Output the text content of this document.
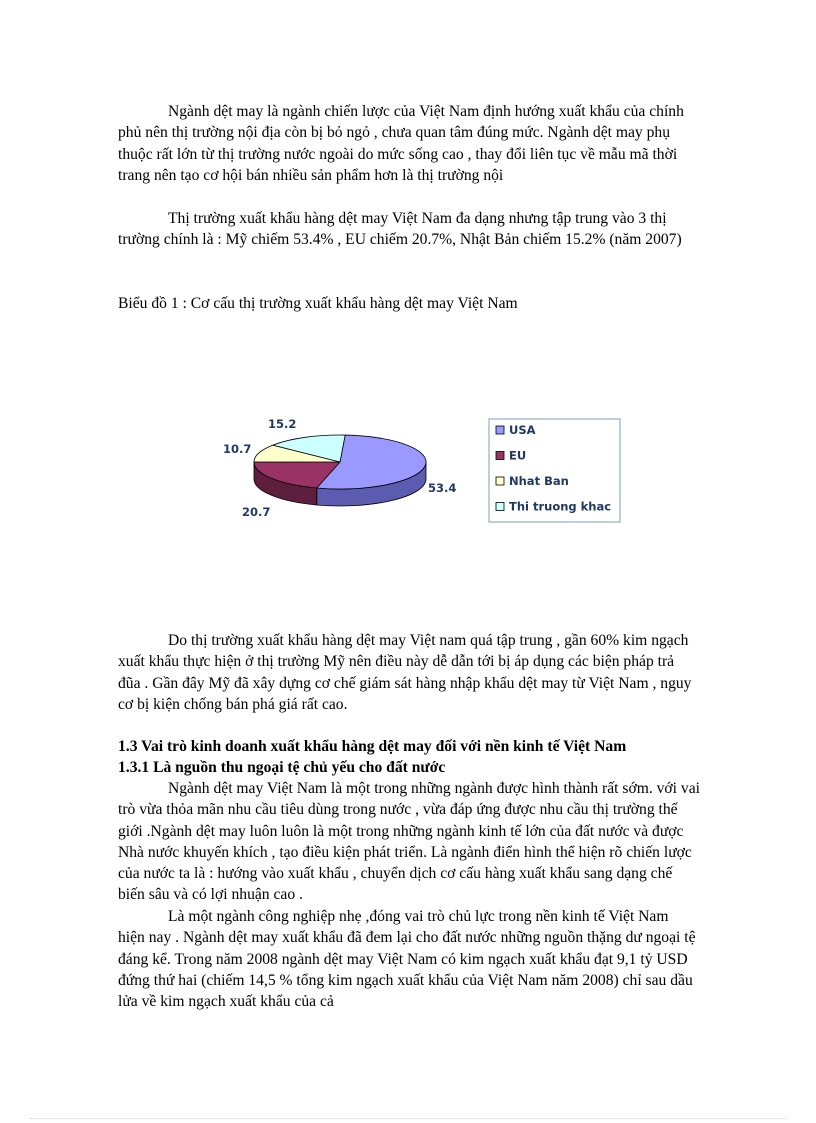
Ngành dệt may là ngành chiến lược của Việt Nam định hướng xuất khẩu của chính phủ nên thị trường nội địa còn bị bỏ ngỏ , chưa quan tâm đúng mức. Ngành dệt may phụ thuộc rất lớn từ thị trường nước ngoài do mức sống cao , thay đổi liên tục về mẫu mã thời trang nên tạo cơ hội bán nhiều sản phẩm hơn là thị trường nội

Thị trường xuất khẩu hàng dệt may Việt Nam đa dạng nhưng tập trung vào 3 thị trường chính là : Mỹ chiếm 53.4% , EU chiếm 20.7%, Nhật Bản chiếm 15.2% (năm 2007)

Biểu đồ 1 : Cơ cấu thị trường xuất khẩu hàng dệt may Việt Nam

53.4
20.7
10.7
15.2	USA
EU
Nhat Ban
Thi truong khac

Do thị trường xuất khẩu hàng dệt may Việt nam quá tập trung , gần 60% kim ngạch xuất khẩu thực hiện ở thị trường Mỹ nên điều này dễ dẫn tới bị áp dụng các biện pháp trả đũa . Gần đây Mỹ đã xây dựng cơ chế giám sát hàng nhập khẩu dệt may từ Việt Nam , nguy cơ bị kiện chống bán phá giá rất cao.

1.3 Vai trò kinh doanh xuất khẩu hàng dệt may đối với nền kinh tế Việt Nam

1.3.1 Là nguồn thu ngoại tệ chủ yếu cho đất nước

Ngành dệt may Việt Nam là một trong những ngành được hình thành rất sớm. với vai trò vừa thỏa mãn nhu cầu tiêu dùng trong nước , vừa đáp ứng được nhu cầu thị trường thế giới .Ngành dệt may luôn luôn là một trong những ngành kinh tế lớn của đất nước và được Nhà nước khuyến khích , tạo điều kiện phát triển. Là ngành điển hình thể hiện rõ chiến lược của nước ta là : hướng vào xuất khẩu , chuyển dịch cơ cấu hàng xuất khẩu sang dạng chế biến sâu và có lợi nhuận cao .

Là một ngành công nghiệp nhẹ ,đóng vai trò chủ lực trong nền kinh tế Việt Nam hiện nay . Ngành dệt may xuất khẩu đã đem lại cho đất nước những nguồn thặng dư ngoại tệ đáng kể. Trong năm 2008 ngành dệt may Việt Nam có kim ngạch xuất khẩu đạt 9,1 tỷ USD đứng thứ hai (chiếm 14,5 % tổng kim ngạch xuất khẩu của Việt Nam năm 2008) chỉ sau dầu lửa về kim ngạch xuất khẩu của cả
